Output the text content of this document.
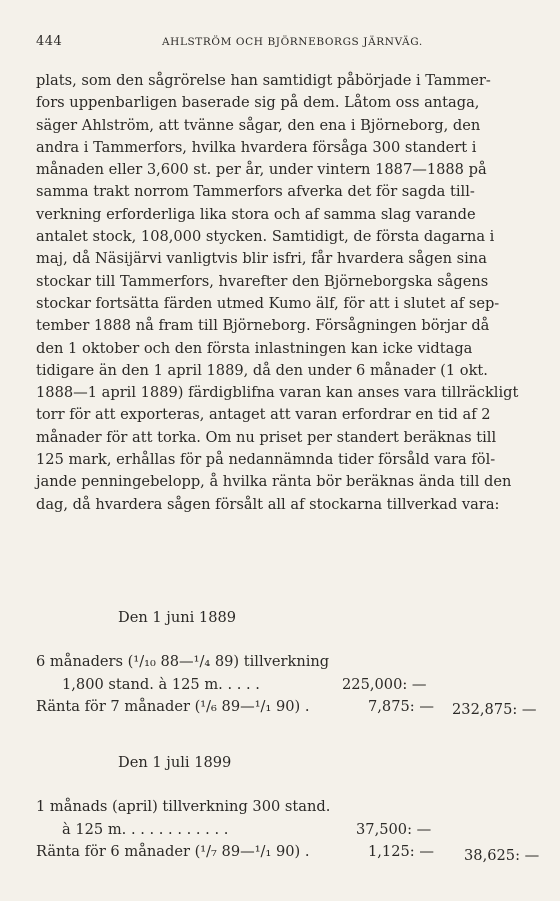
444	AHLSTRÖM OCH BJÖRNEBORGS JÄRNVÄG.
plats, som den sågrörelse han samtidigt påbörjade i Tammer-
fors uppenbarligen baserade sig på dem. Låtom oss antaga,
säger Ahlström, att tvänne sågar, den ena i Björneborg, den
andra i Tammerfors, hvilka hvardera försåga 300 standert i
månaden eller 3,600 st. per år, under vintern 1887—1888 på
samma trakt norrom Tammerfors afverka det för sagda till-
verkning erforderliga lika stora och af samma slag varande
antalet stock, 108,000 stycken. Samtidigt, de första dagarna i
maj, då Näsijärvi vanligtvis blir isfri, får hvardera sågen sina
stockar till Tammerfors, hvarefter den Björneborgska sågens
stockar fortsätta färden utmed Kumo älf, för att i slutet af sep-
tember 1888 nå fram till Björneborg. Försågningen börjar då
den 1 oktober och den första inlastningen kan icke vidtaga
tidigare än den 1 april 1889, då den under 6 månader (1 okt.
1888—1 april 1889) färdigblifna varan kan anses vara tillräckligt
torr för att exporteras, antaget att varan erfordrar en tid af 2
månader för att torka. Om nu priset per standert beräknas till
125 mark, erhållas för på nedannämnda tider försåld vara föl-
jande penningebelopp, å hvilka ränta bör beräknas ända till den
dag, då hvardera sågen försålt all af stockarna tillverkad vara:
Den 1 juni 1889
6 månaders (¹/₁₀ 88—¹/₄ 89) tillverkning
1,800 stand. à 125 m. . . . .	225,000: —
Ränta för 7 månader (¹/₆ 89—¹/₁ 90) .	7,875: — 232,875: —
Den 1 juli 1899
1 månads (april) tillverkning 300 stand.
à 125 m. . . . . . . . . . . .	37,500: —
Ränta för 6 månader (¹/₇ 89—¹/₁ 90) .	1,125: — 38,625: —
